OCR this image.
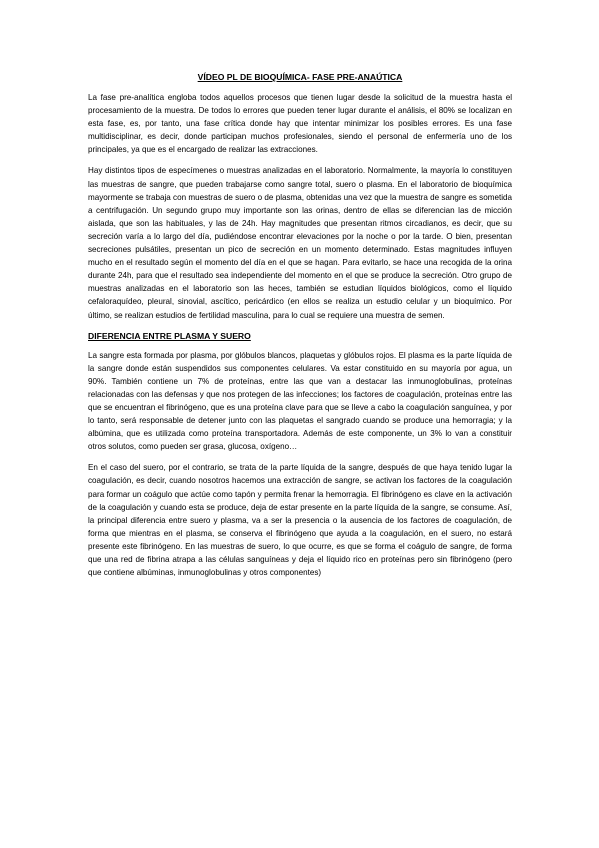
VÍDEO PL DE BIOQUÍMICA- FASE PRE-ANAÚTICA

La fase pre-analítica engloba todos aquellos procesos que tienen lugar desde la solicitud de la muestra hasta el procesamiento de la muestra. De todos lo errores que pueden tener lugar durante el análisis, el 80% se localizan en esta fase, es, por tanto, una fase crítica donde hay que intentar minimizar los posibles errores. Es una fase multidisciplinar, es decir, donde participan muchos profesionales, siendo el personal de enfermería uno de los principales, ya que es el encargado de realizar las extracciones.

Hay distintos tipos de especímenes o muestras analizadas en el laboratorio. Normalmente, la mayoría lo constituyen las muestras de sangre, que pueden trabajarse como sangre total, suero o plasma. En el laboratorio de bioquímica mayormente se trabaja con muestras de suero o de plasma, obtenidas una vez que la muestra de sangre es sometida a centrifugación. Un segundo grupo muy importante son las orinas, dentro de ellas se diferencian las de micción aislada, que son las habituales, y las de 24h. Hay magnitudes que presentan ritmos circadianos, es decir, que su secreción varía a lo largo del día, pudiéndose encontrar elevaciones por la noche o por la tarde. O bien, presentan secreciones pulsátiles, presentan un pico de secreción en un momento determinado. Estas magnitudes influyen mucho en el resultado según el momento del día en el que se hagan. Para evitarlo, se hace una recogida de la orina durante 24h, para que el resultado sea independiente del momento en el que se produce la secreción. Otro grupo de muestras analizadas en el laboratorio son las heces, también se estudian líquidos biológicos, como el líquido cefaloraquídeo, pleural, sinovial, ascítico, pericárdico (en ellos se realiza un estudio celular y un bioquímico. Por último, se realizan estudios de fertilidad masculina, para lo cual se requiere una muestra de semen.

DIFERENCIA ENTRE PLASMA Y SUERO

La sangre esta formada por plasma, por glóbulos blancos, plaquetas y glóbulos rojos. El plasma es la parte líquida de la sangre donde están suspendidos sus componentes celulares. Va estar constituido en su mayoría por agua, un 90%. También contiene un 7% de proteínas, entre las que van a destacar las inmunoglobulinas, proteínas relacionadas con las defensas y que nos protegen de las infecciones; los factores de coagulación, proteínas entre las que se encuentran el fibrinógeno, que es una proteína clave para que se lleve a cabo la coagulación sanguínea, y por lo tanto, será responsable de detener junto con las plaquetas el sangrado cuando se produce una hemorragia; y la albúmina, que es utilizada como proteína transportadora. Además de este componente, un 3% lo van a constituir otros solutos, como pueden ser grasa, glucosa, oxígeno…

En el caso del suero, por el contrario, se trata de la parte líquida de la sangre, después de que haya tenido lugar la coagulación, es decir, cuando nosotros hacemos una extracción de sangre, se activan los factores de la coagulación para formar un coágulo que actúe como tapón y permita frenar la hemorragia. El fibrinógeno es clave en la activación de la coagulación y cuando esta se produce, deja de estar presente en la parte líquida de la sangre, se consume. Así, la principal diferencia entre suero y plasma, va a ser la presencia o la ausencia de los factores de coagulación, de forma que mientras en el plasma, se conserva el fibrinógeno que ayuda a la coagulación, en el suero, no estará presente este fibrinógeno. En las muestras de suero, lo que ocurre, es que se forma el coágulo de sangre, de forma que una red de fibrina atrapa a las células sanguíneas y deja el líquido rico en proteínas pero sin fibrinógeno (pero que contiene albúminas, inmunoglobulinas y otros componentes)
